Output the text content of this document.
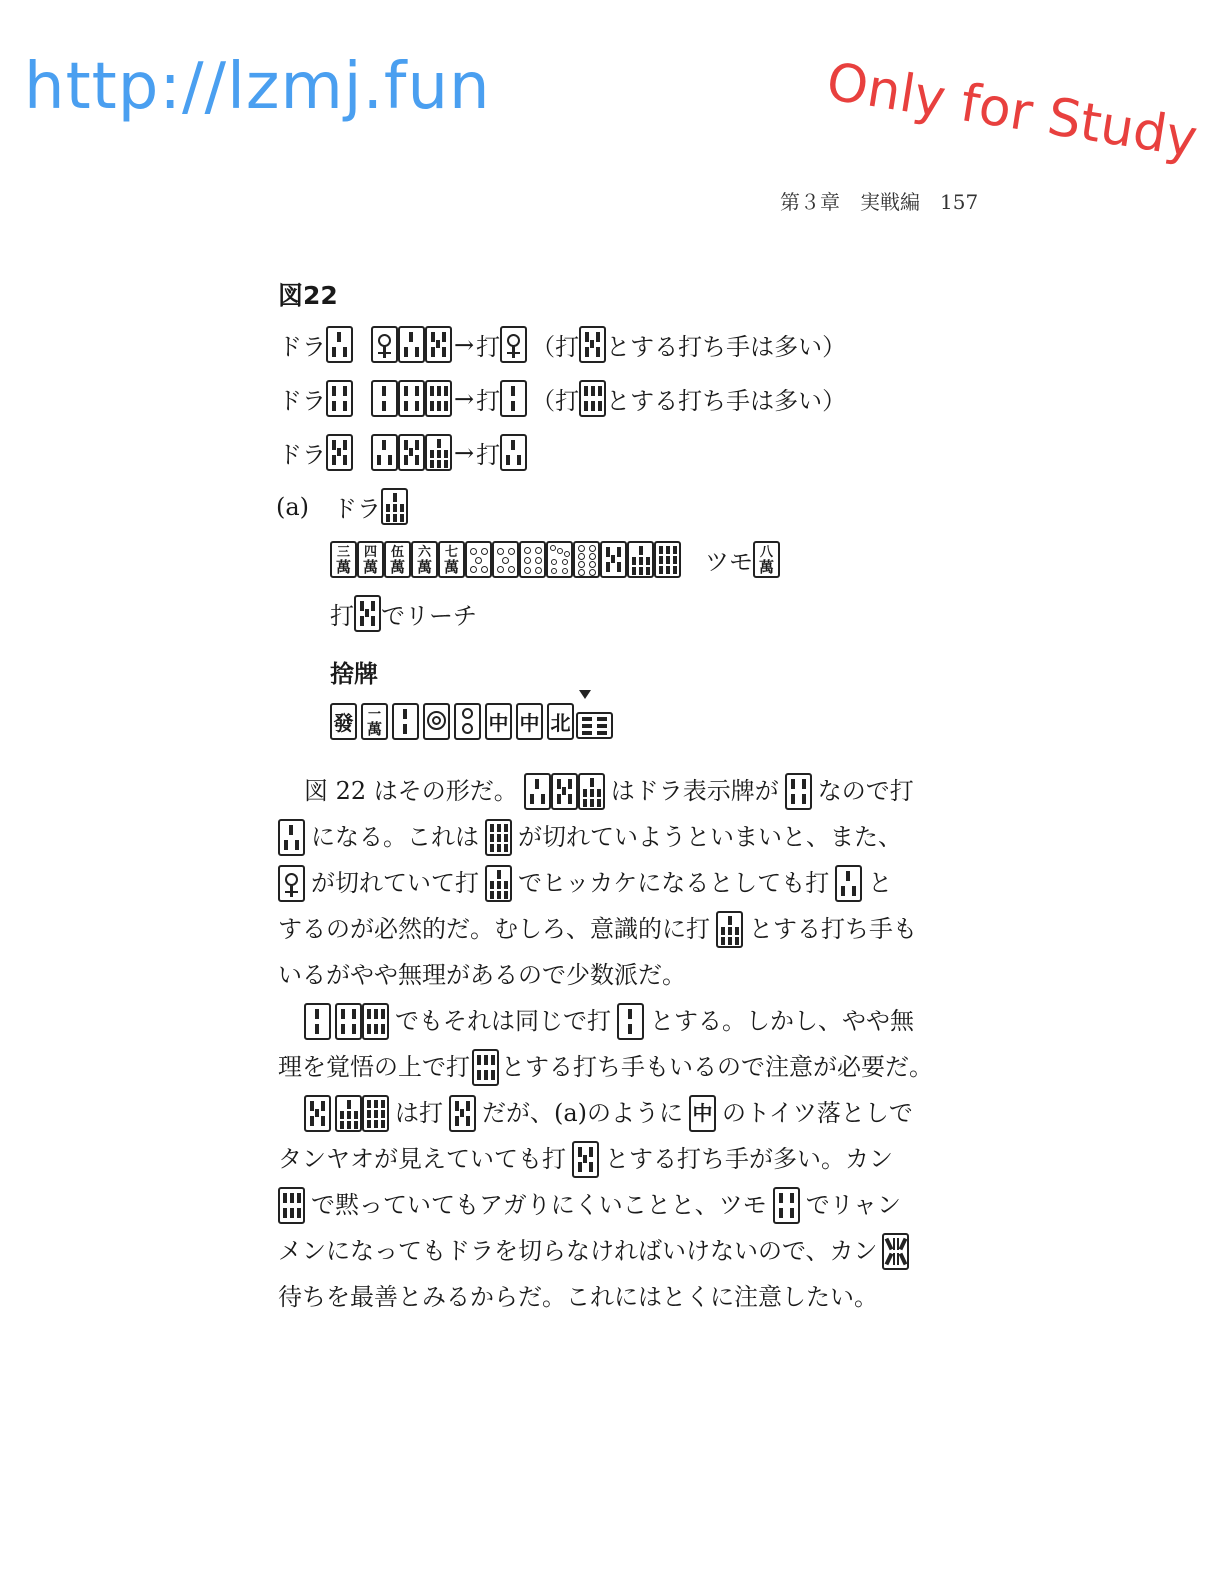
http://lzmj.fun	Only for Study
第３章　実戦編　157
図22
ドラ	→ 打 （打 とする打ち手は多い）
ドラ	→ 打 （打 とする打ち手は多い）
ドラ	→ 打
(a) ドラ
三
萬
四
萬
伍
萬
六
萬
七
萬	ツモ 八
萬
打 でリーチ
捨牌
發 一
萬	中 中 北
図 22 はその形だ。	はドラ表示牌が なので打
になる。これは が切れていようといまいと、また、
が切れていて打 でヒッカケになるとしても打 と
するのが必然的だ。むしろ、意識的に打 とする打ち手も
いるがやや無理があるので少数派だ。
でもそれは同じで打 とする。しかし、やや無
理を覚悟の上で打 とする打ち手もいるので注意が必要だ。
は打 だが、(a)のように 中 のトイツ落としで
タンヤオが見えていても打 とする打ち手が多い。カン
で黙っていてもアガりにくいことと、ツモ でリャン
メンになってもドラを切らなければいけないので、カン
待ちを最善とみるからだ。これにはとくに注意したい。
